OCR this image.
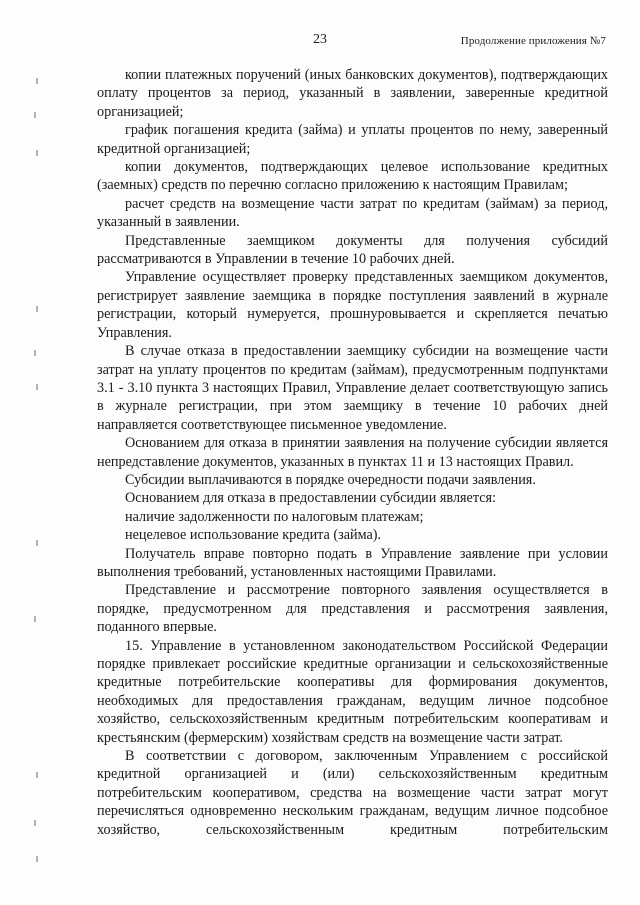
23	Продолжение приложения №7

копии платежных поручений (иных банковских документов), подтверждающих оплату процентов за период, указанный в заявлении, заверенные кредитной организацией;

график погашения кредита (займа) и уплаты процентов по нему, заверенный кредитной организацией;

копии документов, подтверждающих целевое использование кредитных (заемных) средств по перечню согласно приложению к настоящим Правилам;

расчет средств на возмещение части затрат по кредитам (займам) за период, указанный в заявлении.

Представленные заемщиком документы для получения субсидий рассматриваются в Управлении в течение 10 рабочих дней.

Управление осуществляет проверку представленных заемщиком документов, регистрирует заявление заемщика в порядке поступления заявлений в журнале регистрации, который нумеруется, прошнуровывается и скрепляется печатью Управления.

В случае отказа в предоставлении заемщику субсидии на возмещение части затрат на уплату процентов по кредитам (займам), предусмотренным подпунктами 3.1 - 3.10 пункта 3 настоящих Правил, Управление делает соответствующую запись в журнале регистрации, при этом заемщику в течение 10 рабочих дней направляется соответствующее письменное уведомление.

Основанием для отказа в принятии заявления на получение субсидии является непредставление документов, указанных в пунктах 11 и 13 настоящих Правил.

Субсидии выплачиваются в порядке очередности подачи заявления.

Основанием для отказа в предоставлении субсидии является:

наличие задолженности по налоговым платежам;

нецелевое использование кредита (займа).

Получатель вправе повторно подать в Управление заявление при условии выполнения требований, установленных настоящими Правилами.

Представление и рассмотрение повторного заявления осуществляется в порядке, предусмотренном для представления и рассмотрения заявления, поданного впервые.

15. Управление в установленном законодательством Российской Федерации порядке привлекает российские кредитные организации и сельскохозяйственные кредитные потребительские кооперативы для формирования документов, необходимых для предоставления гражданам, ведущим личное подсобное хозяйство, сельскохозяйственным кредитным потребительским кооперативам и крестьянским (фермерским) хозяйствам средств на возмещение части затрат.

В соответствии с договором, заключенным Управлением с российской кредитной организацией и (или) сельскохозяйственным кредитным потребительским кооперативом, средства на возмещение части затрат могут перечисляться одновременно нескольким гражданам, ведущим личное подсобное хозяйство, сельскохозяйственным кредитным потребительским
